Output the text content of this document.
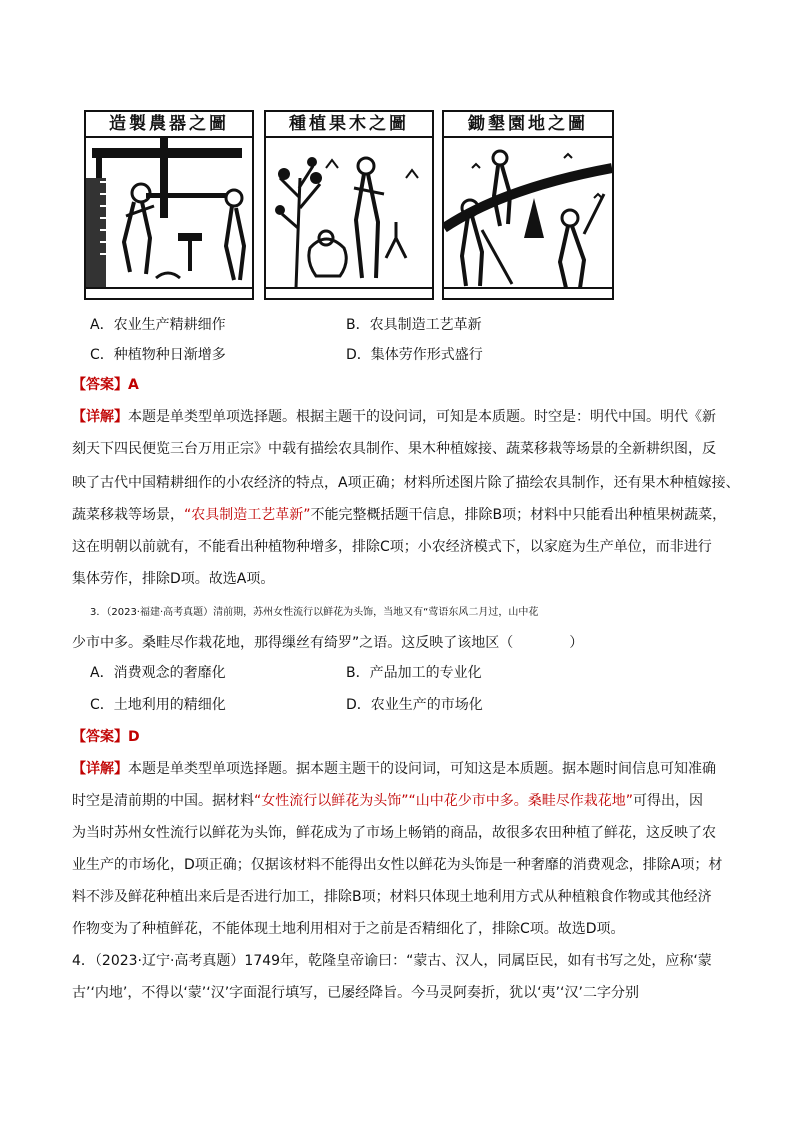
造製農器之圖	種植果木之圖	鋤墾園地之圖
A．农业生产精耕细作	B．农具制造工艺革新
C．种植物种日渐增多	D．集体劳作形式盛行
【答案】A
【详解】本题是单类型单项选择题。根据主题干的设问词，可知是本质题。时空是：明代中国。明代《新
刻天下四民便览三台万用正宗》中载有描绘农具制作、果木种植嫁接、蔬菜移栽等场景的全新耕织图，反
映了古代中国精耕细作的小农经济的特点，A项正确；材料所述图片除了描绘农具制作，还有果木种植嫁接、
蔬菜移栽等场景，“农具制造工艺革新”不能完整概括题干信息，排除B项；材料中只能看出种植果树蔬菜，
这在明朝以前就有，不能看出种植物种增多，排除C项；小农经济模式下，以家庭为生产单位，而非进行
集体劳作，排除D项。故选A项。
3．（2023·福建·高考真题）清前期，苏州女性流行以鲜花为头饰，当地又有“莺语东风二月过，山中花
少市中多。桑畦尽作栽花地，那得缫丝有绮罗”之语。这反映了该地区（　　　　）
A．消费观念的奢靡化	B．产品加工的专业化
C．土地利用的精细化	D．农业生产的市场化
【答案】D
【详解】本题是单类型单项选择题。据本题主题干的设问词，可知这是本质题。据本题时间信息可知准确
时空是清前期的中国。据材料“女性流行以鲜花为头饰”“山中花少市中多。桑畦尽作栽花地”可得出，因
为当时苏州女性流行以鲜花为头饰，鲜花成为了市场上畅销的商品，故很多农田种植了鲜花，这反映了农
业生产的市场化，D项正确；仅据该材料不能得出女性以鲜花为头饰是一种奢靡的消费观念，排除A项；材
料不涉及鲜花种植出来后是否进行加工，排除B项；材料只体现土地利用方式从种植粮食作物或其他经济
作物变为了种植鲜花，不能体现土地利用相对于之前是否精细化了，排除C项。故选D项。
4．（2023·辽宁·高考真题）1749年，乾隆皇帝谕曰：“蒙古、汉人，同属臣民，如有书写之处，应称‘蒙
古’‘内地’，不得以‘蒙’‘汉’字面混行填写，已屡经降旨。今马灵阿奏折，犹以‘夷’‘汉’二字分别
